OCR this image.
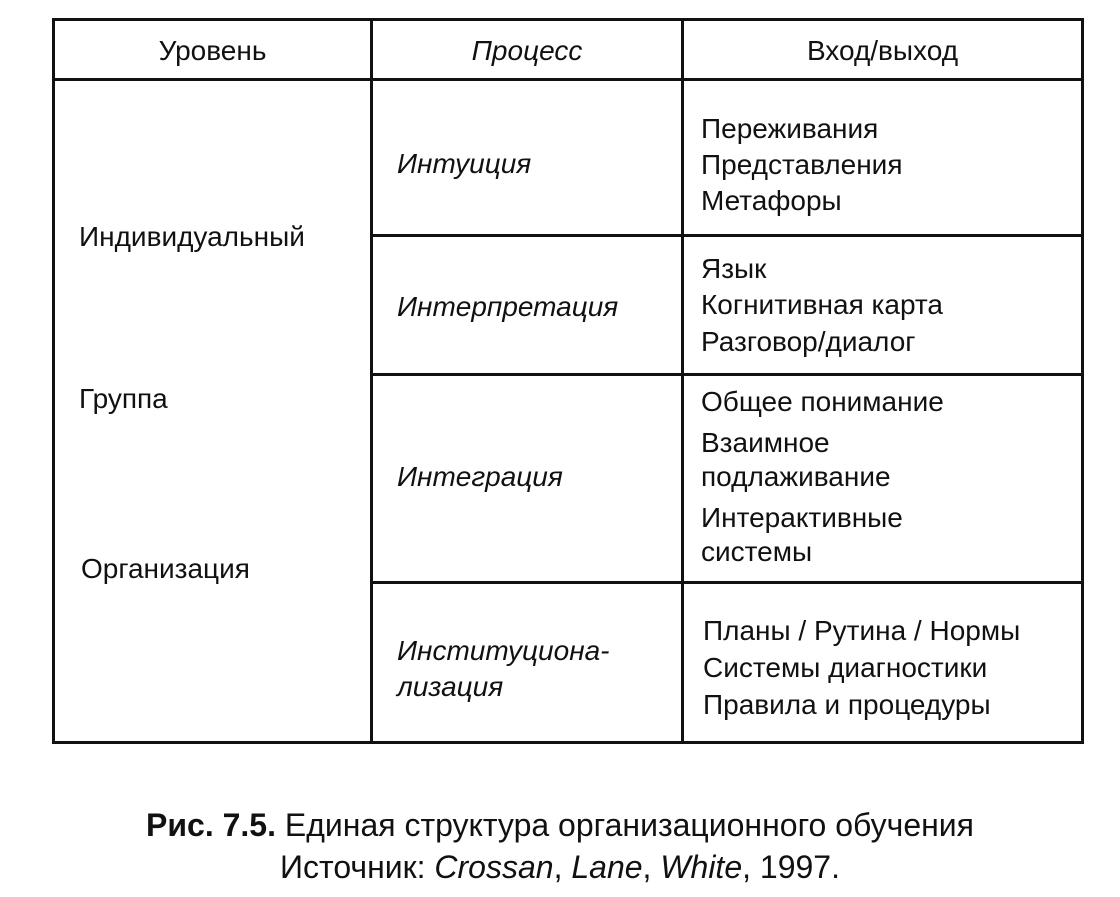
Уровень	Процесс	Вход/выход
Индивидуальный
Группа
Организация
Интуиция
Переживания
Представления
Метафоры
Интерпретация
Язык
Когнитивная карта
Разговор/диалог
Интеграция
Общее понимание
Взаимное
подлаживание
Интерактивные
системы
Институциона-
лизация
Планы / Рутина / Нормы
Системы диагностики
Правила и процедуры
Рис. 7.5. Единая структура организационного обучения
Источник: Crossan, Lane, White, 1997.
